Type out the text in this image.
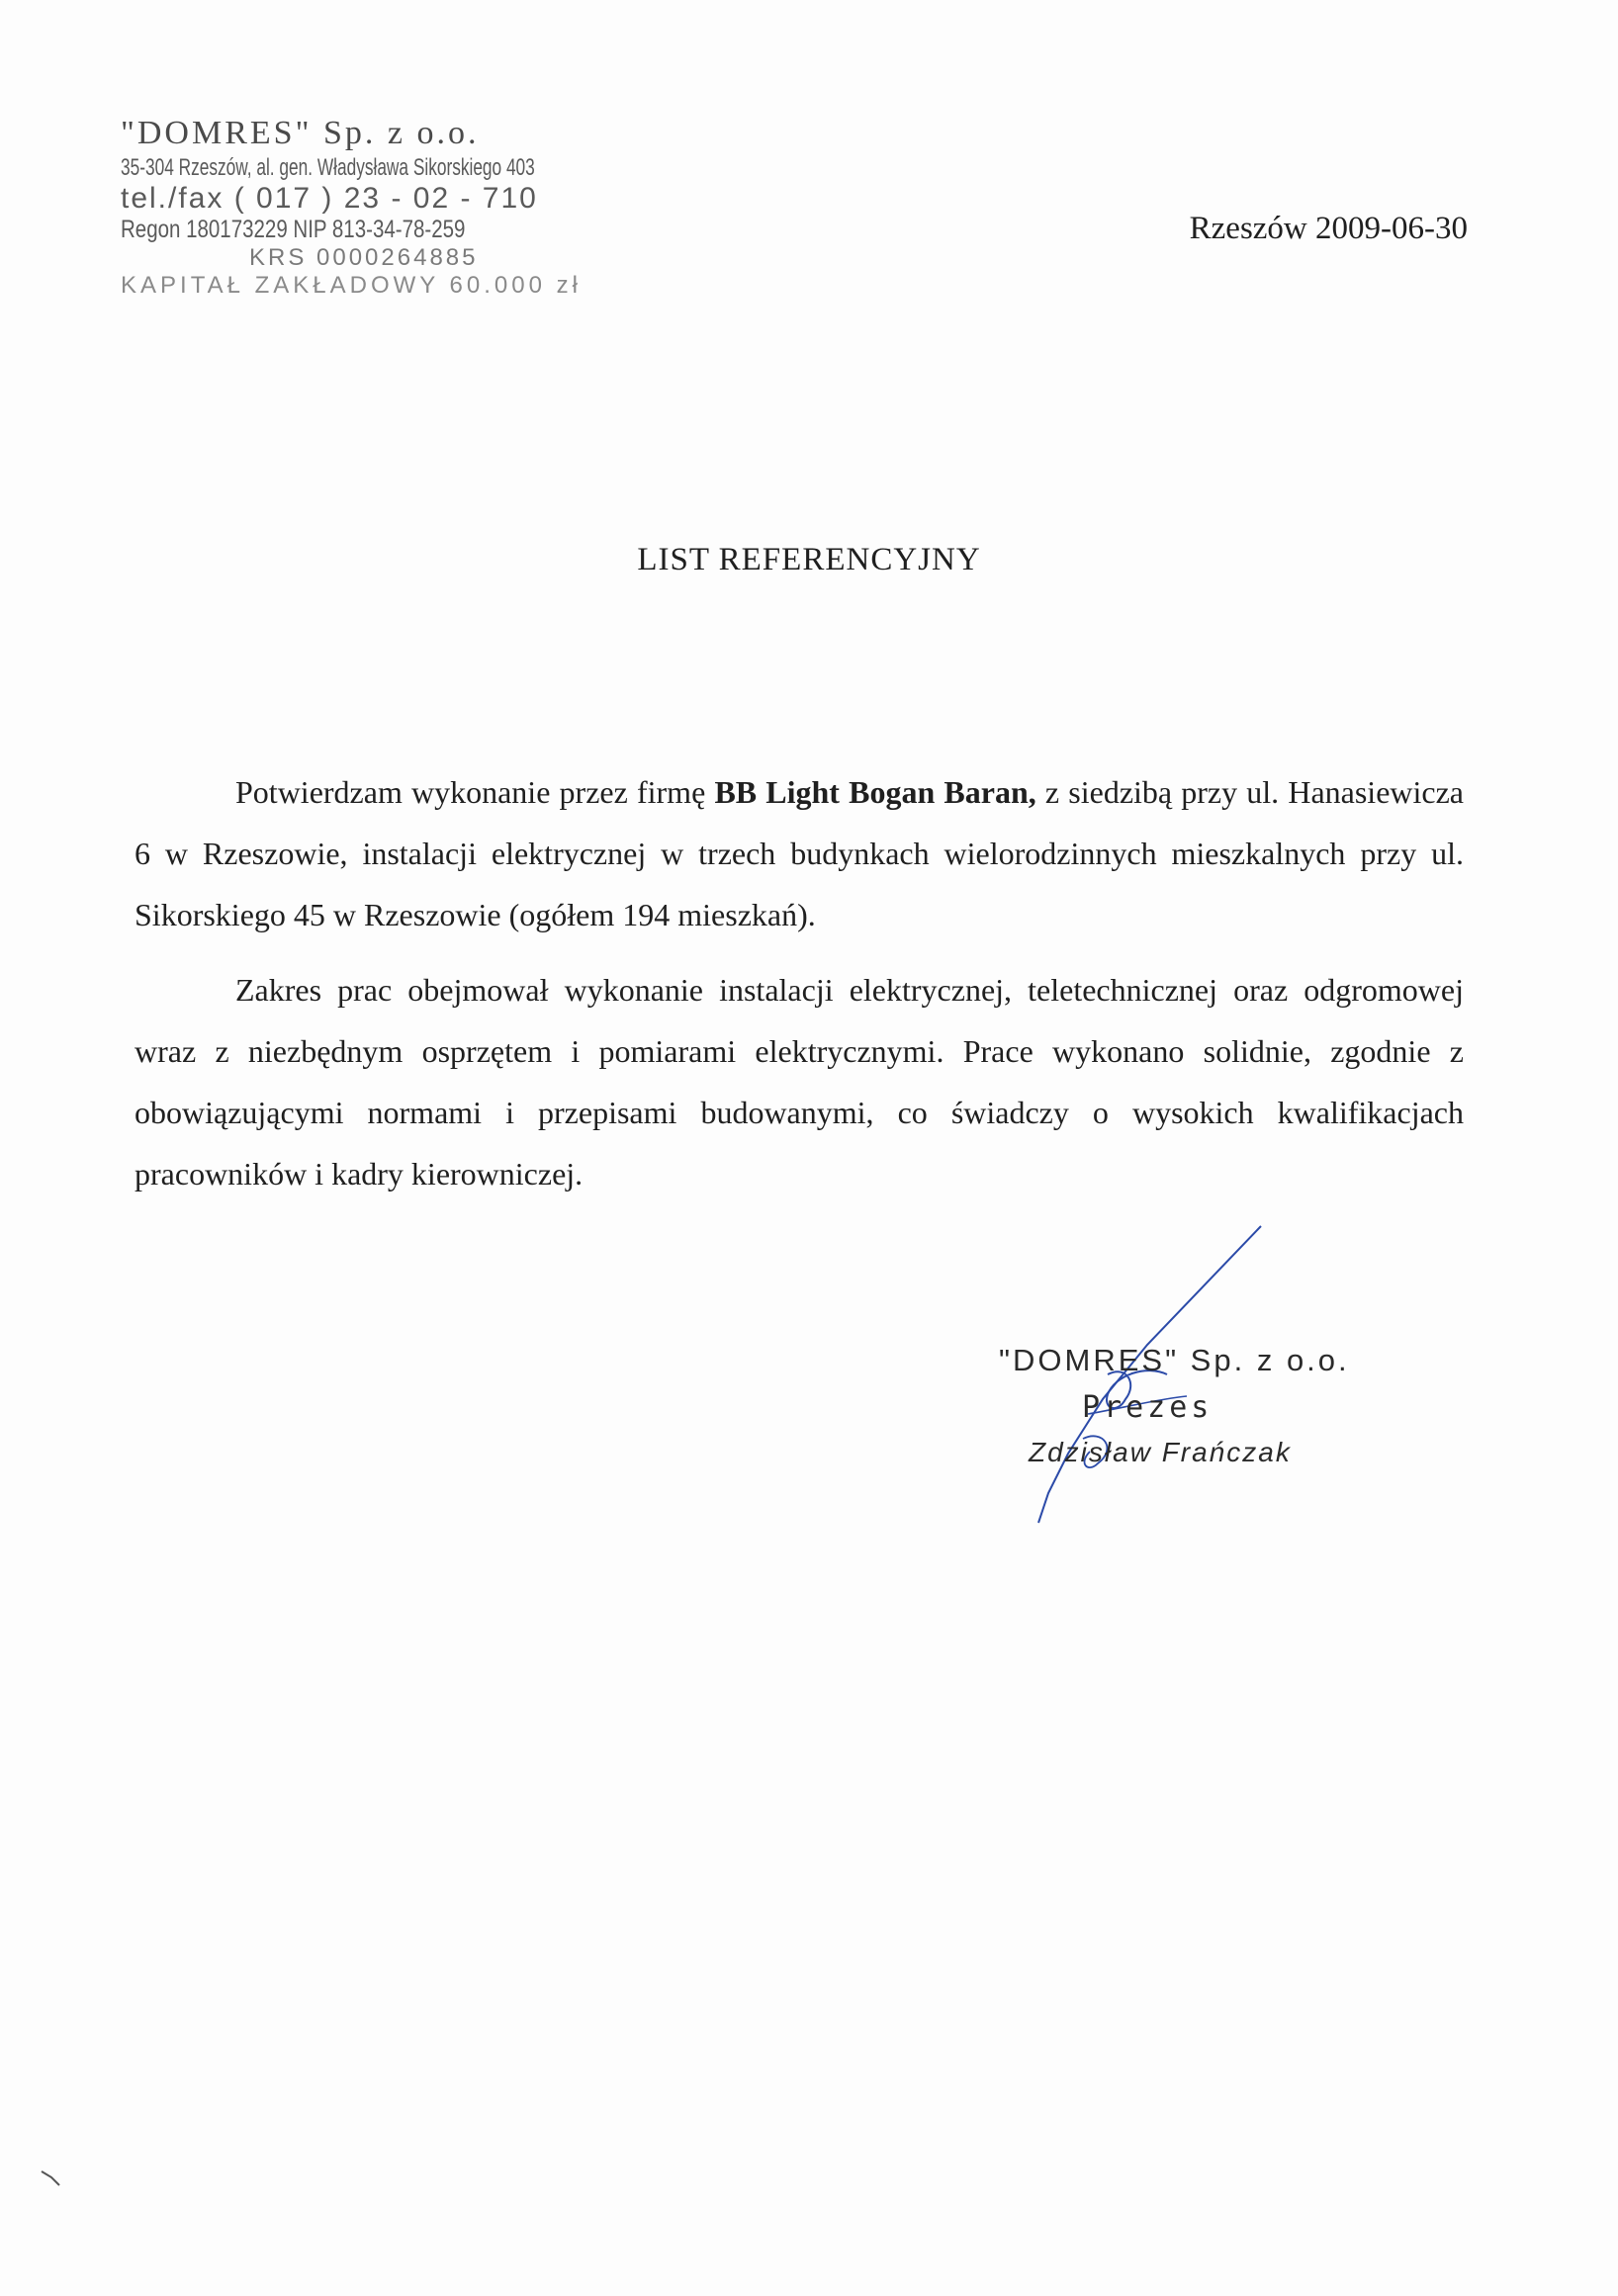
"DOMRES" Sp. z o.o.
35-304 Rzeszów, al. gen. Władysława Sikorskiego 403
tel./fax ( 017 ) 23 - 02 - 710
Regon 180173229 NIP 813-34-78-259
KRS 0000264885
KAPITAŁ ZAKŁADOWY 60.000 zł
Rzeszów 2009-06-30
LIST REFERENCYJNY

Potwierdzam wykonanie przez firmę BB Light Bogan Baran, z siedzibą przy ul. Hanasiewicza 6 w Rzeszowie, instalacji elektrycznej w trzech budynkach wielorodzinnych mieszkalnych przy ul. Sikorskiego 45 w Rzeszowie (ogółem 194 mieszkań).

Zakres prac obejmował wykonanie instalacji elektrycznej, teletechnicznej oraz odgromowej wraz z niezbędnym osprzętem i pomiarami elektrycznymi. Prace wykonano solidnie, zgodnie z obowiązującymi normami i przepisami budowanymi, co świadczy o wysokich kwalifikacjach pracowników i kadry kierowniczej.

"DOMRES" Sp. z o.o.
Prezes
Zdzisław Frańczak
